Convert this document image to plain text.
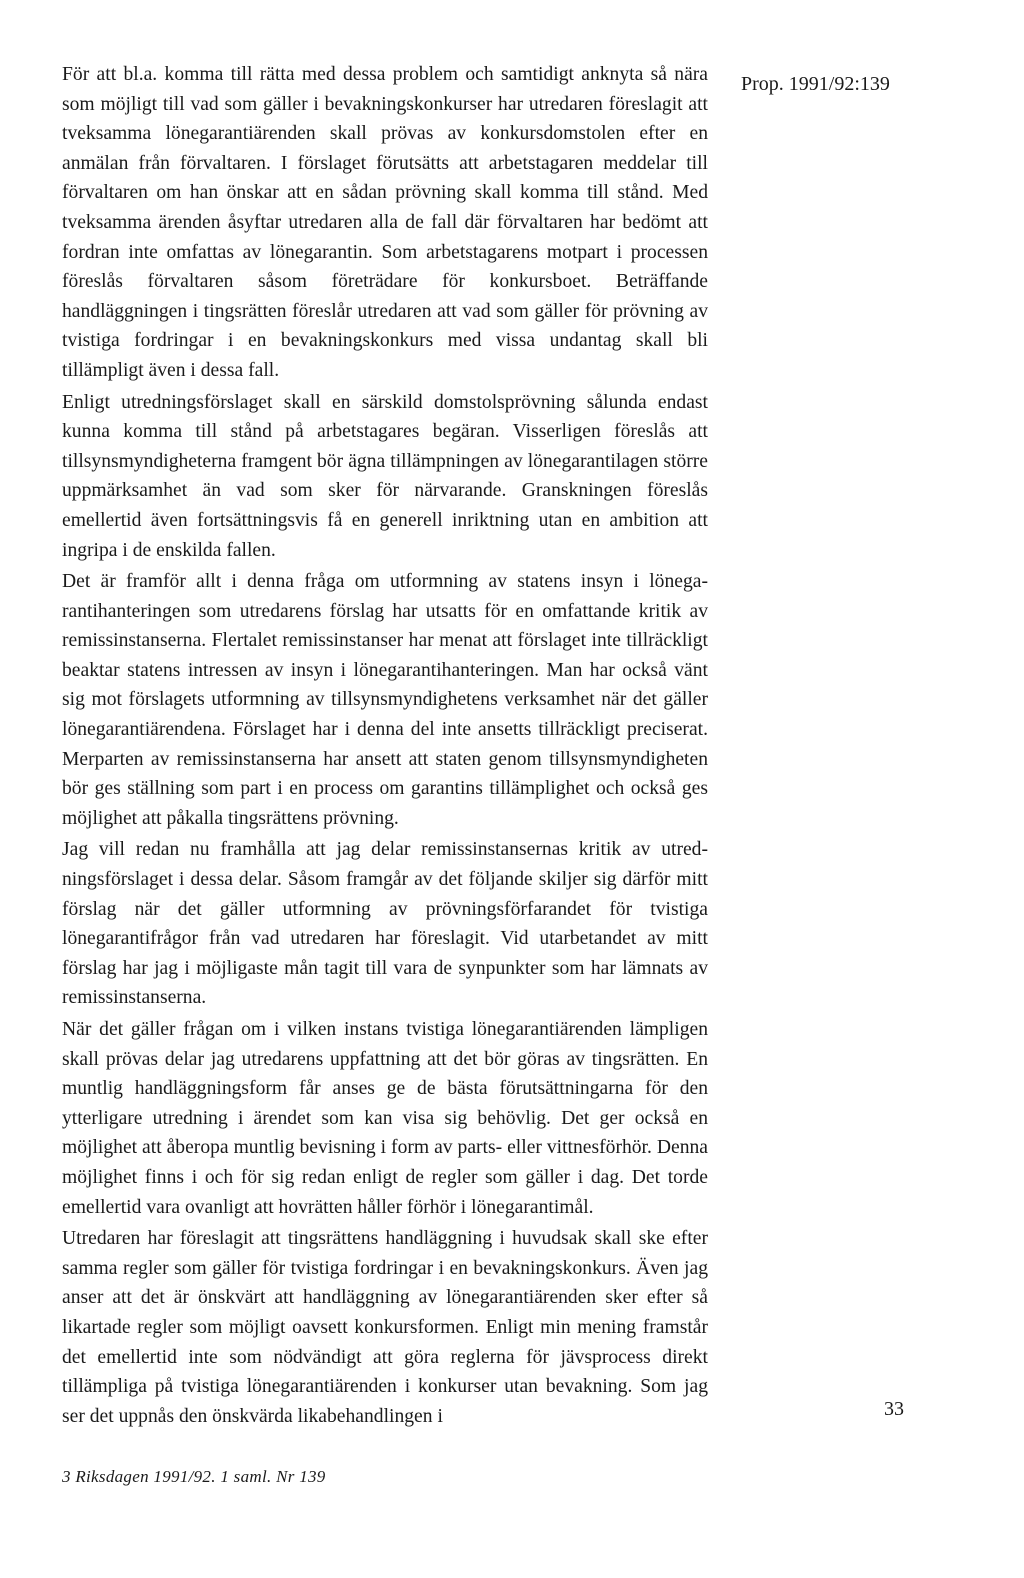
För att bl.a. komma till rätta med dessa problem och samtidigt anknyta så nära som möjligt till vad som gäller i bevakningskonkurser har utredaren föreslagit att tveksamma lönegarantiärenden skall prövas av konkursdomstolen efter en anmälan från förvaltaren. I förslaget förutsätts att arbetstagaren meddelar till förvaltaren om han önskar att en sådan prövning skall komma till stånd. Med tveksamma ärenden åsyftar utredaren alla de fall där förvaltaren har bedömt att fordran inte omfattas av lönegarantin. Som arbetstagarens motpart i processen föreslås förvaltaren såsom företrädare för konkursboet. Beträffande handläggningen i tingsrätten föreslår utredaren att vad som gäller för prövning av tvistiga fordringar i en bevakningskonkurs med vissa undantag skall bli tillämpligt även i dessa fall.

Enligt utredningsförslaget skall en särskild domstolsprövning sålunda endast kunna komma till stånd på arbetstagares begäran. Visserligen föreslås att tillsynsmyndigheterna framgent bör ägna tillämpningen av lönegarantilagen större uppmärksamhet än vad som sker för närvarande. Granskningen föreslås emellertid även fortsättningsvis få en generell inriktning utan en ambition att ingripa i de enskilda fallen.

Det är framför allt i denna fråga om utformning av statens insyn i lönegarantihanteringen som utredarens förslag har utsatts för en omfattande kritik av remissinstanserna. Flertalet remissinstanser har menat att förslaget inte tillräckligt beaktar statens intressen av insyn i lönegarantihanteringen. Man har också vänt sig mot förslagets utformning av tillsynsmyndighetens verksamhet när det gäller lönegarantiärendena. Förslaget har i denna del inte ansetts tillräckligt preciserat. Merparten av remissinstanserna har ansett att staten genom tillsynsmyndigheten bör ges ställning som part i en process om garantins tillämplighet och också ges möjlighet att påkalla tingsrättens prövning.

Jag vill redan nu framhålla att jag delar remissinstansernas kritik av utredningsförslaget i dessa delar. Såsom framgår av det följande skiljer sig därför mitt förslag när det gäller utformning av prövningsförfarandet för tvistiga lönegarantifrågor från vad utredaren har föreslagit. Vid utarbetandet av mitt förslag har jag i möjligaste mån tagit till vara de synpunkter som har lämnats av remissinstanserna.

När det gäller frågan om i vilken instans tvistiga lönegarantiärenden lämpligen skall prövas delar jag utredarens uppfattning att det bör göras av tingsrätten. En muntlig handläggningsform får anses ge de bästa förutsättningarna för den ytterligare utredning i ärendet som kan visa sig behövlig. Det ger också en möjlighet att åberopa muntlig bevisning i form av parts- eller vittnesförhör. Denna möjlighet finns i och för sig redan enligt de regler som gäller i dag. Det torde emellertid vara ovanligt att hovrätten håller förhör i lönegarantimål.

Utredaren har föreslagit att tingsrättens handläggning i huvudsak skall ske efter samma regler som gäller för tvistiga fordringar i en bevakningskonkurs. Även jag anser att det är önskvärt att handläggning av lönegarantiärenden sker efter så likartade regler som möjligt oavsett konkursformen. Enligt min mening framstår det emellertid inte som nödvändigt att göra reglerna för jävsprocess direkt tillämpliga på tvistiga lönegarantiärenden i konkurser utan bevakning. Som jag ser det uppnås den önskvärda likabehandlingen i

Prop. 1991/92:139
33
3 Riksdagen 1991/92. 1 saml. Nr 139
